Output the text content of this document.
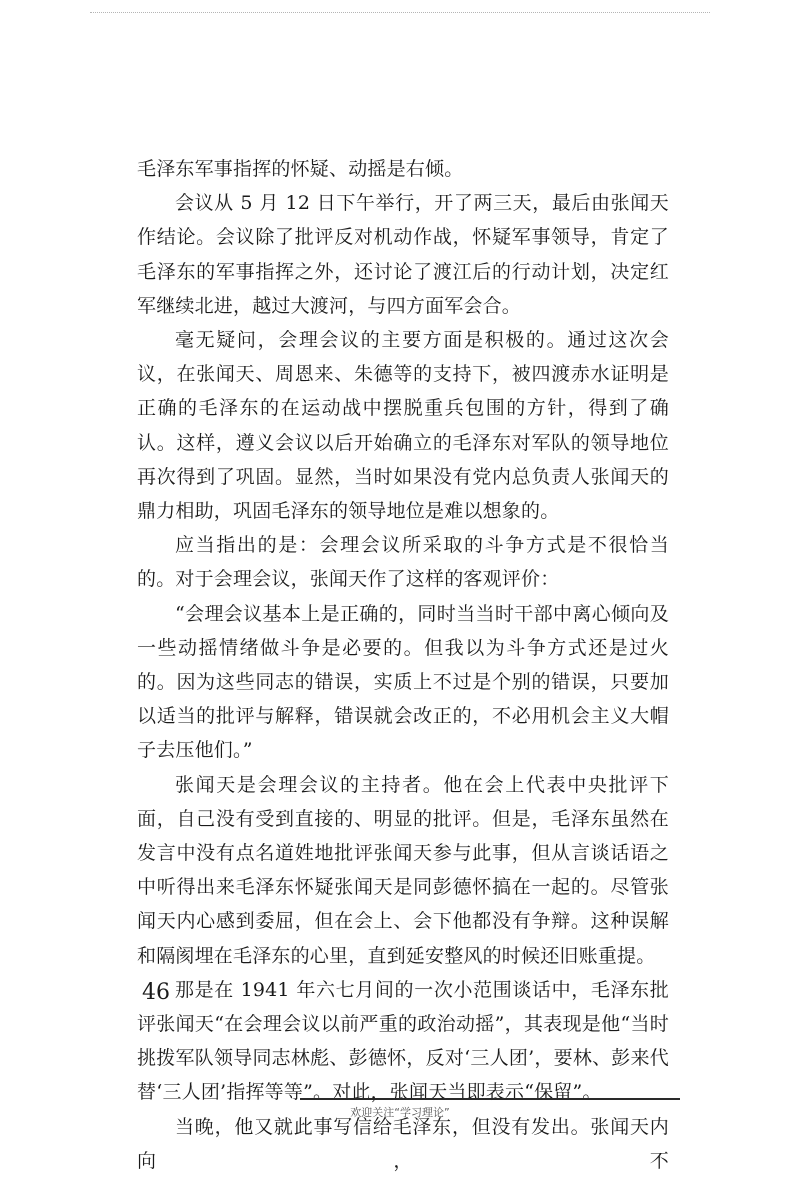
毛泽东军事指挥的怀疑、动摇是右倾。

会议从 5 月 12 日下午举行，开了两三天，最后由张闻天作结论。会议除了批评反对机动作战，怀疑军事领导，肯定了毛泽东的军事指挥之外，还讨论了渡江后的行动计划，决定红军继续北进，越过大渡河，与四方面军会合。

毫无疑问，会理会议的主要方面是积极的。通过这次会议，在张闻天、周恩来、朱德等的支持下，被四渡赤水证明是正确的毛泽东的在运动战中摆脱重兵包围的方针，得到了确认。这样，遵义会议以后开始确立的毛泽东对军队的领导地位再次得到了巩固。显然，当时如果没有党内总负责人张闻天的鼎力相助，巩固毛泽东的领导地位是难以想象的。

应当指出的是：会理会议所采取的斗争方式是不很恰当的。对于会理会议，张闻天作了这样的客观评价：

“会理会议基本上是正确的，同时当当时干部中离心倾向及一些动摇情绪做斗争是必要的。但我以为斗争方式还是过火的。因为这些同志的错误，实质上不过是个别的错误，只要加以适当的批评与解释，错误就会改正的，不必用机会主义大帽子去压他们。”

张闻天是会理会议的主持者。他在会上代表中央批评下面，自己没有受到直接的、明显的批评。但是，毛泽东虽然在发言中没有点名道姓地批评张闻天参与此事，但从言谈话语之中听得出来毛泽东怀疑张闻天是同彭德怀搞在一起的。尽管张闻天内心感到委屈，但在会上、会下他都没有争辩。这种误解和隔阂埋在毛泽东的心里，直到延安整风的时候还旧账重提。

那是在 1941 年六七月间的一次小范围谈话中，毛泽东批评张闻天“在会理会议以前严重的政治动摇”，其表现是他“当时挑拨军队领导同志林彪、彭德怀，反对‘三人团’，要林、彭来代替‘三人团’指挥等等”。对此，张闻天当即表示“保留”。

当晚，他又就此事写信给毛泽东，但没有发出。张闻天内向，不

46
欢迎关注“学习理论”
